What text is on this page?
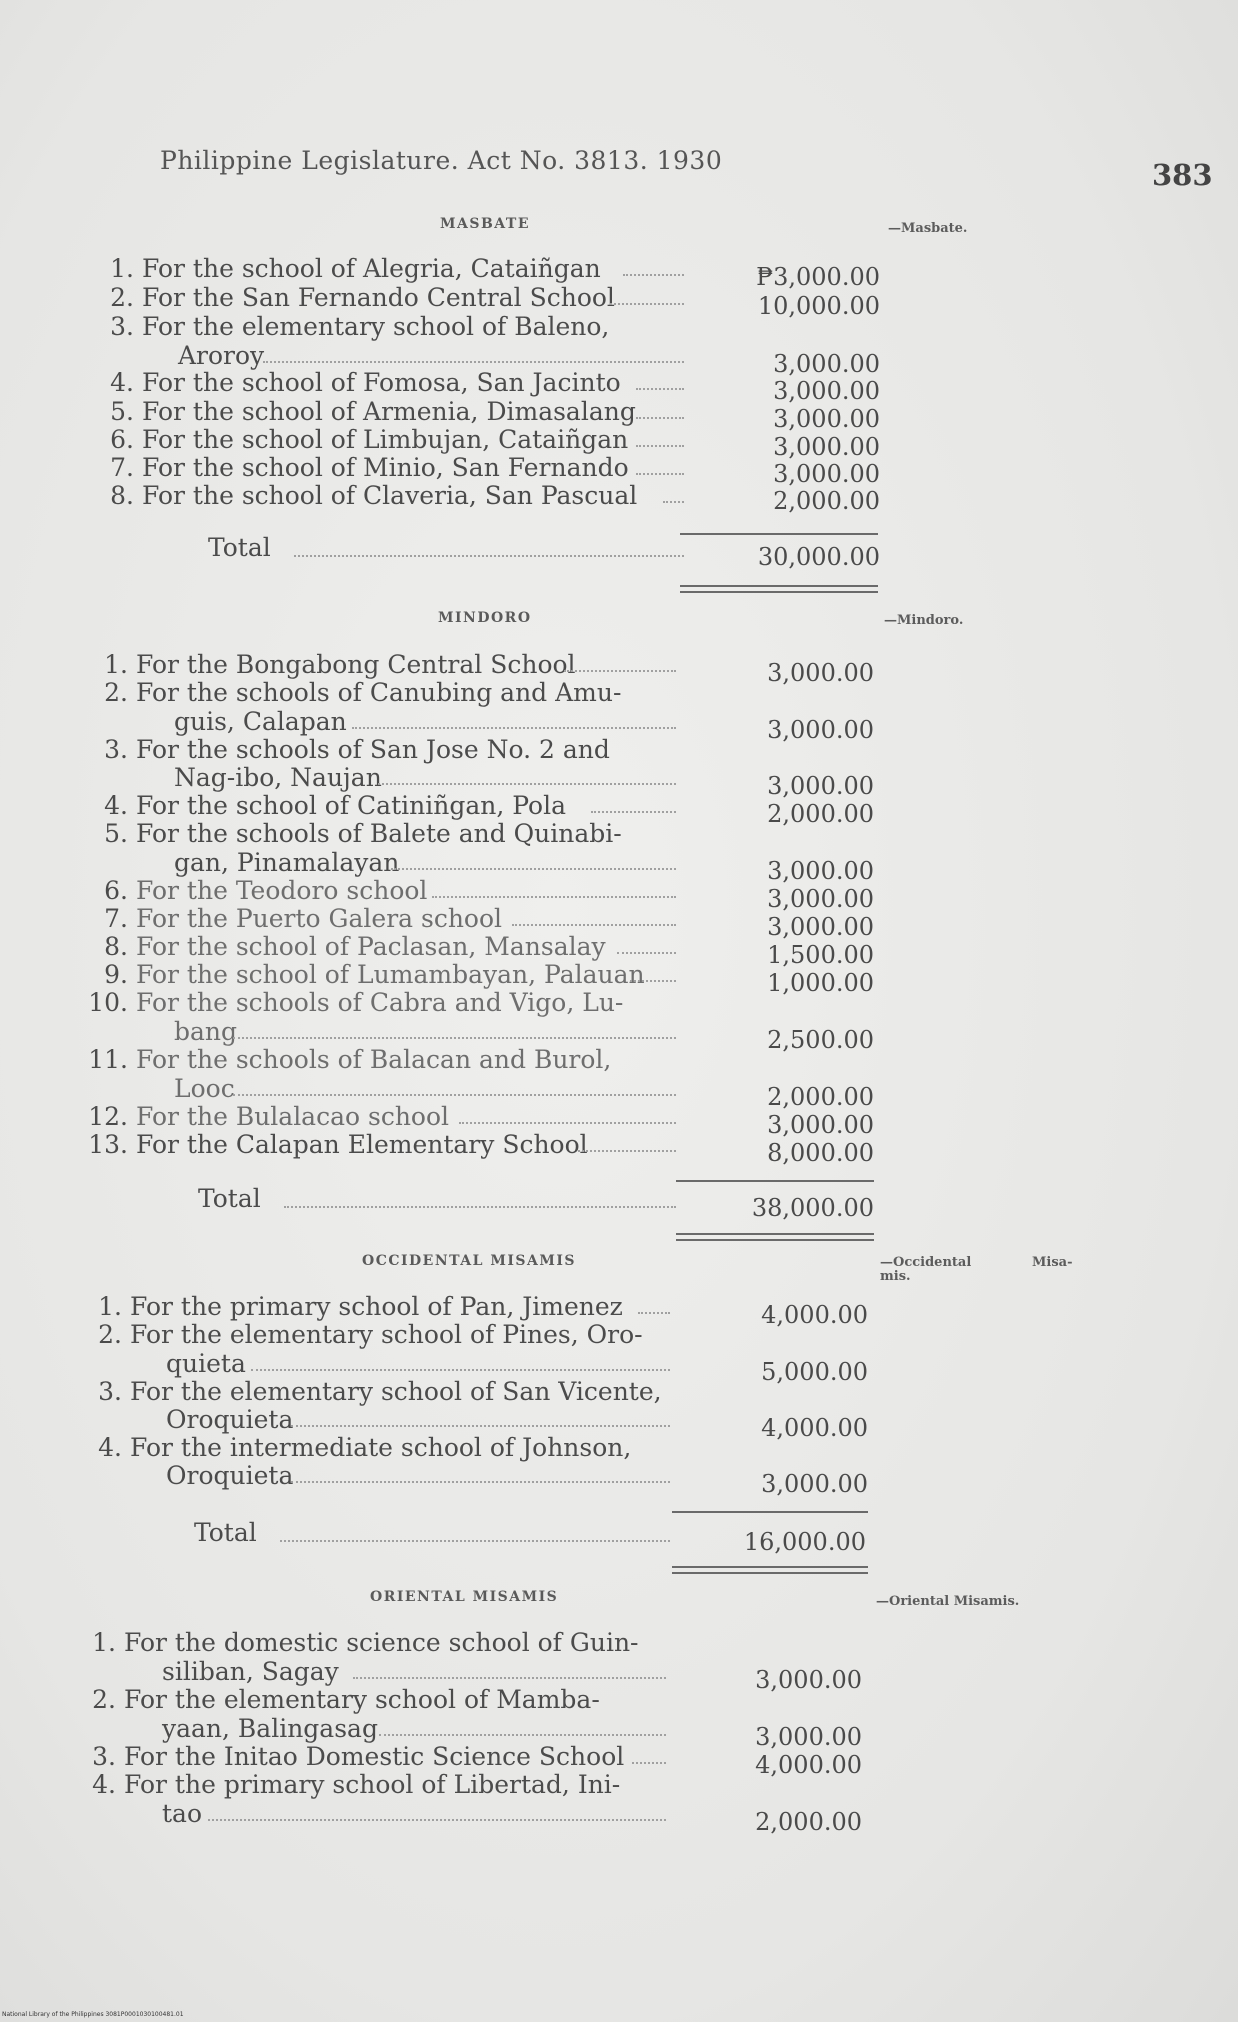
Philippine Legislature. Act No. 3813. 1930	383
MASBATE	—Masbate.
1. For the school of Alegria, Cataiñgan	₱3,000.00
2. For the San Fernando Central School	10,000.00
3. For the elementary school of Baleno,
Aroroy	3,000.00
4. For the school of Fomosa, San Jacinto	3,000.00
5. For the school of Armenia, Dimasalang	3,000.00
6. For the school of Limbujan, Cataiñgan	3,000.00
7. For the school of Minio, San Fernando	3,000.00
8. For the school of Claveria, San Pascual	2,000.00
Total	30,000.00
MINDORO	—Mindoro.
1. For the Bongabong Central School	3,000.00
2. For the schools of Canubing and Amu-
guis, Calapan	3,000.00
3. For the schools of San Jose No. 2 and
Nag-ibo, Naujan	3,000.00
4. For the school of Catiniñgan, Pola	2,000.00
5. For the schools of Balete and Quinabi-
gan, Pinamalayan	3,000.00
6. For the Teodoro school	3,000.00
7. For the Puerto Galera school	3,000.00
8. For the school of Paclasan, Mansalay	1,500.00
9. For the school of Lumambayan, Palauan	1,000.00
10. For the schools of Cabra and Vigo, Lu-
bang	2,500.00
11. For the schools of Balacan and Burol,
Looc	2,000.00
12. For the Bulalacao school	3,000.00
13. For the Calapan Elementary School	8,000.00
Total	38,000.00
OCCIDENTAL MISAMIS	—Occidental	Misa-
mis.
1. For the primary school of Pan, Jimenez	4,000.00
2. For the elementary school of Pines, Oro-
quieta	5,000.00
3. For the elementary school of San Vicente,
Oroquieta	4,000.00
4. For the intermediate school of Johnson,
Oroquieta	3,000.00
Total	16,000.00
ORIENTAL MISAMIS	—Oriental Misamis.
1. For the domestic science school of Guin-
siliban, Sagay	3,000.00
2. For the elementary school of Mamba-
yaan, Balingasag	3,000.00
3. For the Initao Domestic Science School	4,000.00
4. For the primary school of Libertad, Ini-
tao	2,000.00
National Library of the Philippines 3081P0001030100481.01
